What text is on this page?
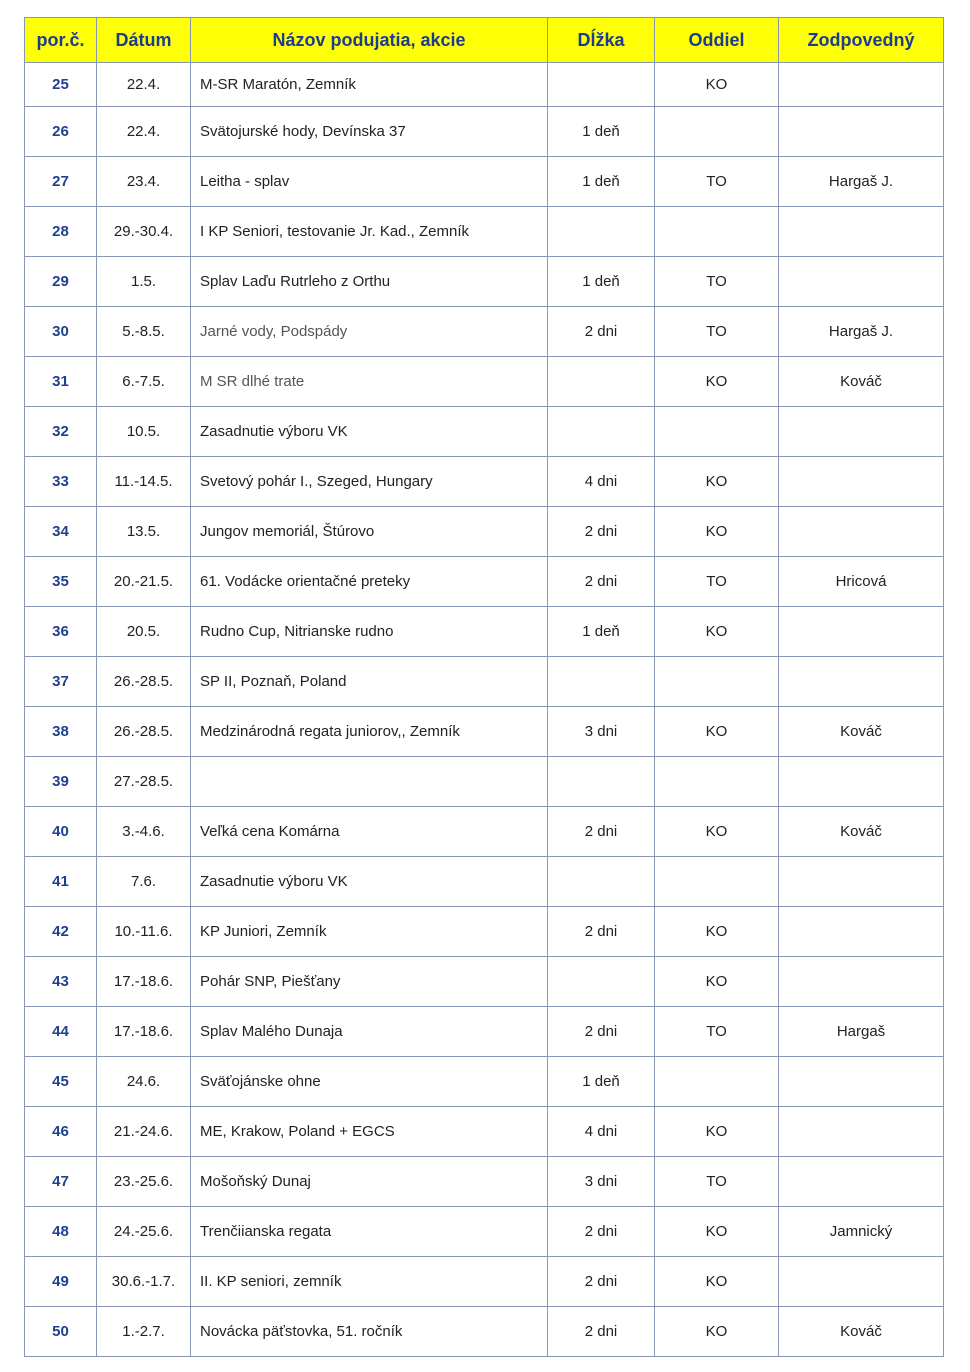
por.č.	Dátum	Názov podujatia, akcie	Dĺžka	Oddiel	Zodpovedný
25	22.4.	M-SR Maratón, Zemník		KO	
26	22.4.	Svätojurské hody, Devínska 37	1 deň		
27	23.4.	Leitha - splav	1 deň	TO	Hargaš J.
28	29.-30.4.	I KP Seniori, testovanie Jr. Kad., Zemník			
29	1.5.	Splav Laďu Rutrleho z Orthu	1 deň	TO	
30	5.-8.5.	Jarné vody, Podspády	2 dni	TO	Hargaš J.
31	6.-7.5.	M SR dlhé trate		KO	Kováč
32	10.5.	Zasadnutie výboru VK			
33	11.-14.5.	Svetový pohár I., Szeged, Hungary	4 dni	KO	
34	13.5.	Jungov memoriál, Štúrovo	2 dni	KO	
35	20.-21.5.	61. Vodácke orientačné preteky	2 dni	TO	Hricová
36	20.5.	Rudno Cup, Nitrianske rudno	1 deň	KO	
37	26.-28.5.	SP II, Poznaň, Poland			
38	26.-28.5.	Medzinárodná regata juniorov,, Zemník	3 dni	KO	Kováč
39	27.-28.5.				
40	3.-4.6.	Veľká cena Komárna	2 dni	KO	Kováč
41	7.6.	Zasadnutie výboru VK			
42	10.-11.6.	KP Juniori, Zemník	2 dni	KO	
43	17.-18.6.	Pohár SNP, Piešťany		KO	
44	17.-18.6.	Splav Malého Dunaja	2 dni	TO	Hargaš
45	24.6.	Sväťojánske ohne	1 deň		
46	21.-24.6.	ME, Krakow, Poland + EGCS	4 dni	KO	
47	23.-25.6.	Mošoňský Dunaj	3 dni	TO	
48	24.-25.6.	Trenčiianska regata	2 dni	KO	Jamnický
49	30.6.-1.7.	II. KP seniori, zemník	2 dni	KO	
50	1.-2.7.	Novácka päťstovka, 51. ročník	2 dni	KO	Kováč
